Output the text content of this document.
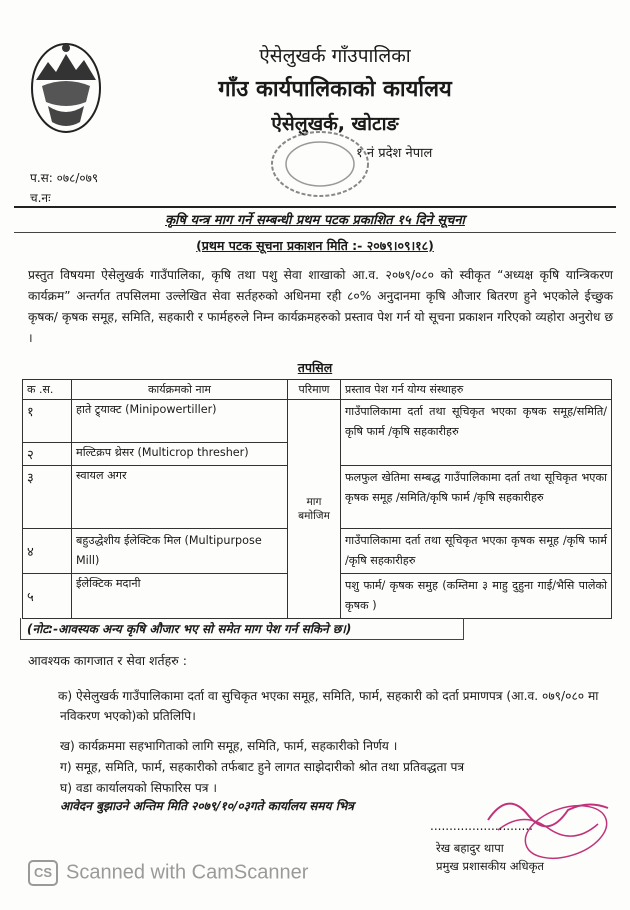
ऐसेलुखर्क गाँउपालिका
गाँउ कार्यपालिकाको कार्यालय
ऐसेलुखर्क, खोटाङ
१ नं प्रदेश नेपाल
प.स: ०७८/०७९
च.नः
कृषि यन्त्र माग गर्ने सम्बन्धी प्रथम पटक प्रकाशित १५ दिने सूचना
(प्रथम पटक सूचना प्रकाशन मिति :- २०७९।०९।१८)
प्रस्तुत विषयमा ऐसेलुखर्क गाउँपालिका, कृषि तथा पशु सेवा शाखाको आ.व. २०७९/०८० को स्वीकृत “अध्यक्ष कृषि यान्त्रिकरण कार्यक्रम” अन्तर्गत तपसिलमा उल्लेखित सेवा सर्तहरुको अधिनमा रही ८०% अनुदानमा कृषि औजार बितरण हुने भएकोले ईच्छुक कृषक/ कृषक समूह, समिति, सहकारी र फार्महरुले निम्न कार्यक्रमहरुको प्रस्ताव पेश गर्न यो सूचना प्रकाशन गरिएको व्यहोरा अनुरोध छ ।
तपसिल
क .स.	कार्यक्रमको नाम	परिमाण	प्रस्ताव पेश गर्न योग्य संस्थाहरु
१	हाते ट्र्याक्ट (Minipowertiller)	माग बमोजिम	गाउँपालिकामा दर्ता तथा सूचिकृत भएका कृषक समूह/समिति/कृषि फार्म /कृषि सहकारीहरु
२	मल्टिक्रप थ्रेसर (Multicrop thresher)		
३	स्वायल अगर		फलफुल खेतिमा सम्बद्ध गाउँपालिकामा दर्ता तथा सूचिकृत भएका कृषक समूह /समिति/कृषि फार्म /कृषि सहकारीहरु
४	बहुउद्धेशीय ईलेक्टिक मिल (Multipurpose Mill)		गाउँपालिकामा दर्ता तथा सूचिकृत भएका कृषक समूह /कृषि फार्म /कृषि सहकारीहरु
५	ईलेक्टिक मदानी		पशु फार्म/ कृषक समुह (कम्तिमा ३ माहु दुहुना गाई/भैसि पालेको कृषक )
(नोट:-आवस्यक अन्य कृषि औजार भए सो समेत माग पेश गर्न सकिने छ।)
आवश्यक कागजात र सेवा शर्तहरु :
क) ऐसेलुखर्क गाउँपालिकामा दर्ता वा सुचिकृत भएका समूह, समिति, फार्म, सहकारी को दर्ता प्रमाणपत्र (आ.व. ०७९/०८० मा नविकरण भएको)को प्रतिलिपि।
ख) कार्यक्रममा सहभागिताको लागि समूह, समिति, फार्म, सहकारीको निर्णय ।
ग) समूह, समिति, फार्म, सहकारीको तर्फबाट हुने लागत साझेदारीको श्रोत तथा प्रतिवद्धता पत्र
घ) वडा कार्यालयको सिफारिस पत्र ।
आवेदन बुझाउने अन्तिम मिति २०७९/१०/०३गते कार्यालय समय भित्र
...........................
रेख बहादुर थापा
प्रमुख प्रशासकीय अधिकृत
CS Scanned with CamScanner
